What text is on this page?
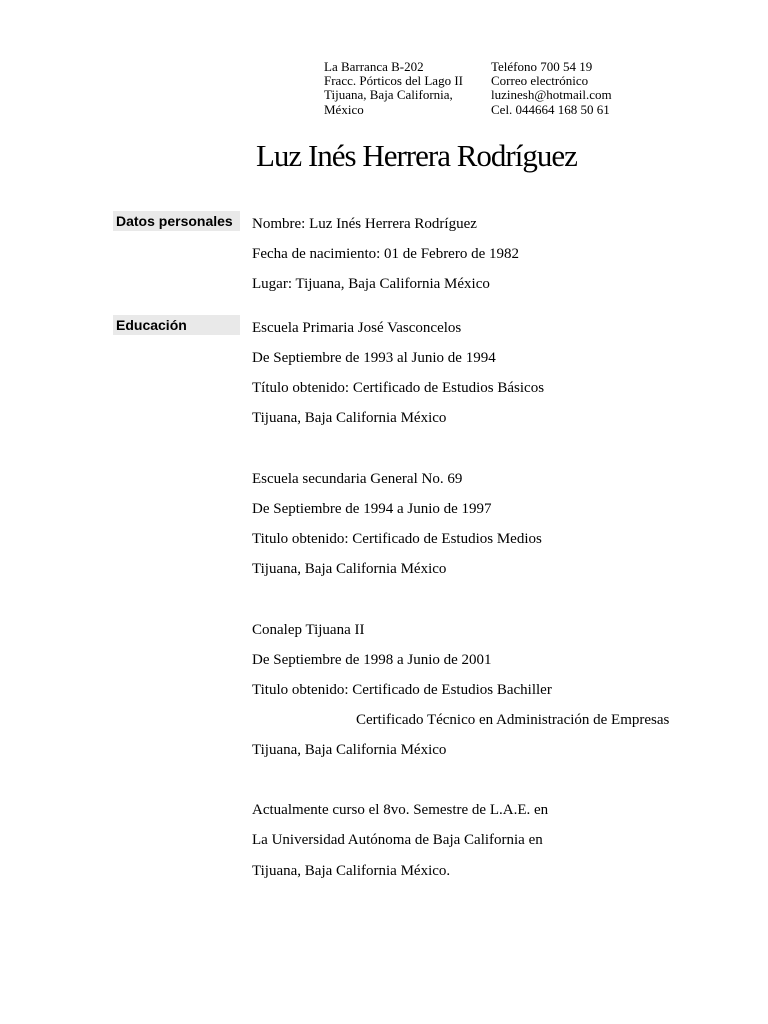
La Barranca B-202
Fracc. Pórticos del Lago II
Tijuana, Baja California,
México
Teléfono 700 54 19
Correo electrónico
luzinesh@hotmail.com
Cel. 044664 168 50 61
Luz Inés Herrera Rodríguez
Datos personales	Nombre: Luz Inés Herrera Rodríguez
Fecha de nacimiento: 01 de Febrero de 1982
Lugar: Tijuana, Baja California México
Educación	Escuela Primaria José Vasconcelos
De Septiembre de 1993 al Junio de 1994
Título obtenido: Certificado de Estudios Básicos
Tijuana, Baja California México
Escuela secundaria General No. 69
De Septiembre de 1994 a Junio de 1997
Titulo obtenido: Certificado de Estudios Medios
Tijuana, Baja California México
Conalep Tijuana II
De Septiembre de 1998 a Junio de 2001
Titulo obtenido: Certificado de Estudios Bachiller
Certificado Técnico en Administración de Empresas
Tijuana, Baja California México
Actualmente curso el 8vo. Semestre de L.A.E. en
La Universidad Autónoma de Baja California en
Tijuana, Baja California México.
